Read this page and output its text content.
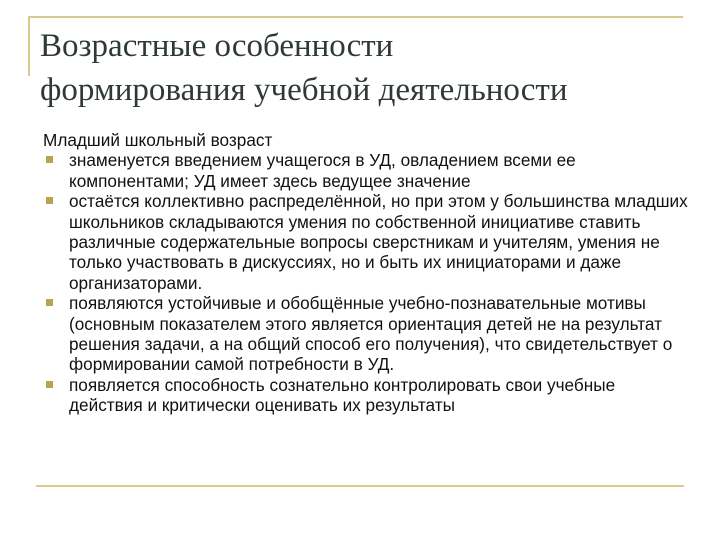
Возрастные особенности
формирования учебной деятельности

Младший школьный возраст

знаменуется введением учащегося в УД, овладением всеми ее компонентами; УД имеет здесь ведущее значение
остаётся коллективно распределённой, но при этом у большинства младших школьников складываются умения по собственной инициативе ставить различные содержательные вопросы сверстникам и учителям, умения не только участвовать в дискуссиях, но и быть их инициаторами и даже организаторами.
появляются устойчивые и обобщённые учебно-познавательные мотивы (основным показателем этого является ориентация детей не на результат решения задачи, а на общий способ его получения), что свидетельствует о формировании самой потребности в УД.
появляется способность сознательно контролировать свои учебные действия и критически оценивать их результаты
